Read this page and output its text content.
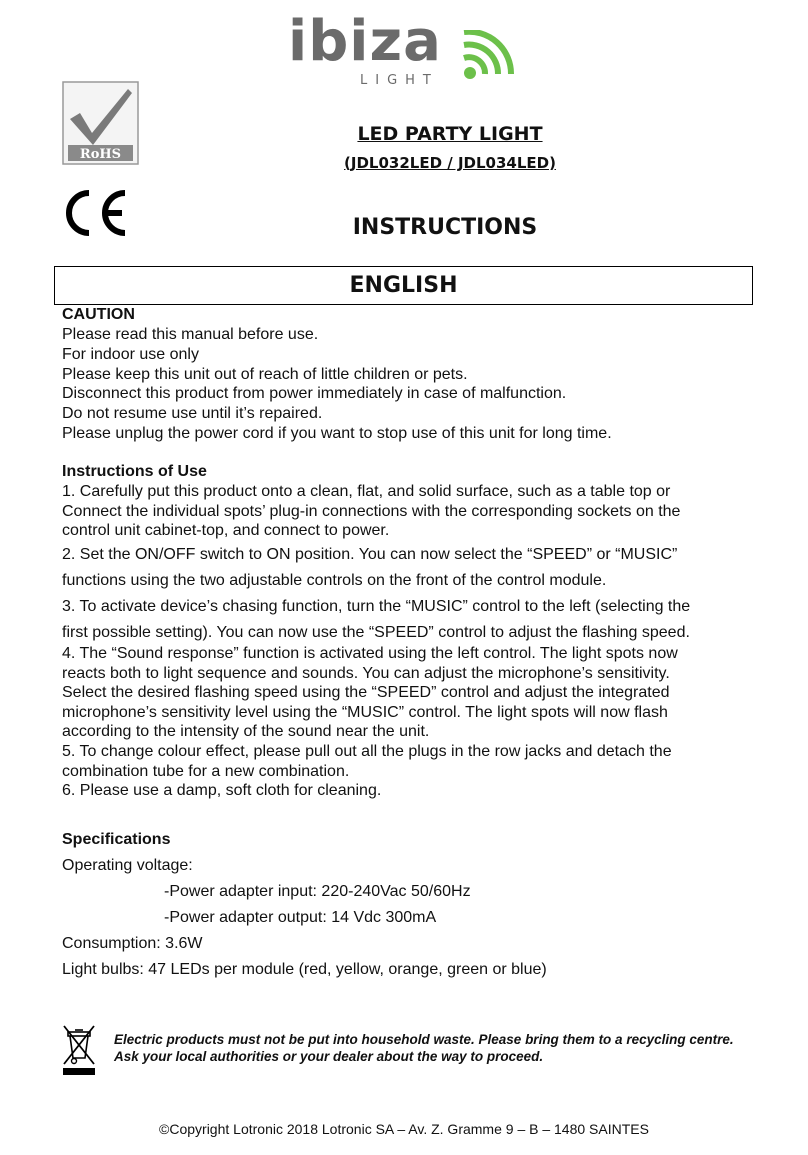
ibiza
LIGHT
RoHS
LED PARTY LIGHT
(JDL032LED / JDL034LED)
INSTRUCTIONS
ENGLISH
CAUTION
Please read this manual before use.
For indoor use only
Please keep this unit out of reach of little children or pets.
Disconnect this product from power immediately in case of malfunction.
Do not resume use until it’s repaired.
Please unplug the power cord if you want to stop use of this unit for long time.
Instructions of Use
1. Carefully put this product onto a clean, flat, and solid surface, such as a table top or
Connect the individual spots’ plug-in connections with the corresponding sockets on the
control unit cabinet-top, and connect to power.
2. Set the ON/OFF switch to ON position. You can now select the “SPEED” or “MUSIC”
functions using the two adjustable controls on the front of the control module.
3. To activate device’s chasing function, turn the “MUSIC” control to the left (selecting the
first possible setting). You can now use the “SPEED” control to adjust the flashing speed.
4. The “Sound response” function is activated using the left control. The light spots now
reacts both to light sequence and sounds. You can adjust the microphone’s sensitivity.
Select the desired flashing speed using the “SPEED” control and adjust the integrated
microphone’s sensitivity level using the “MUSIC” control. The light spots will now flash
according to the intensity of the sound near the unit.
5. To change colour effect, please pull out all the plugs in the row jacks and detach the
combination tube for a new combination.
6. Please use a damp, soft cloth for cleaning.
Specifications
Operating voltage:
-Power adapter input: 220-240Vac 50/60Hz
-Power adapter output: 14 Vdc 300mA
Consumption: 3.6W
Light bulbs: 47 LEDs per module (red, yellow, orange, green or blue)
Electric products must not be put into household waste. Please bring them to a recycling centre. Ask your local authorities or your dealer about the way to proceed.
©Copyright Lotronic 2018 Lotronic SA – Av. Z. Gramme 9 – B – 1480 SAINTES
